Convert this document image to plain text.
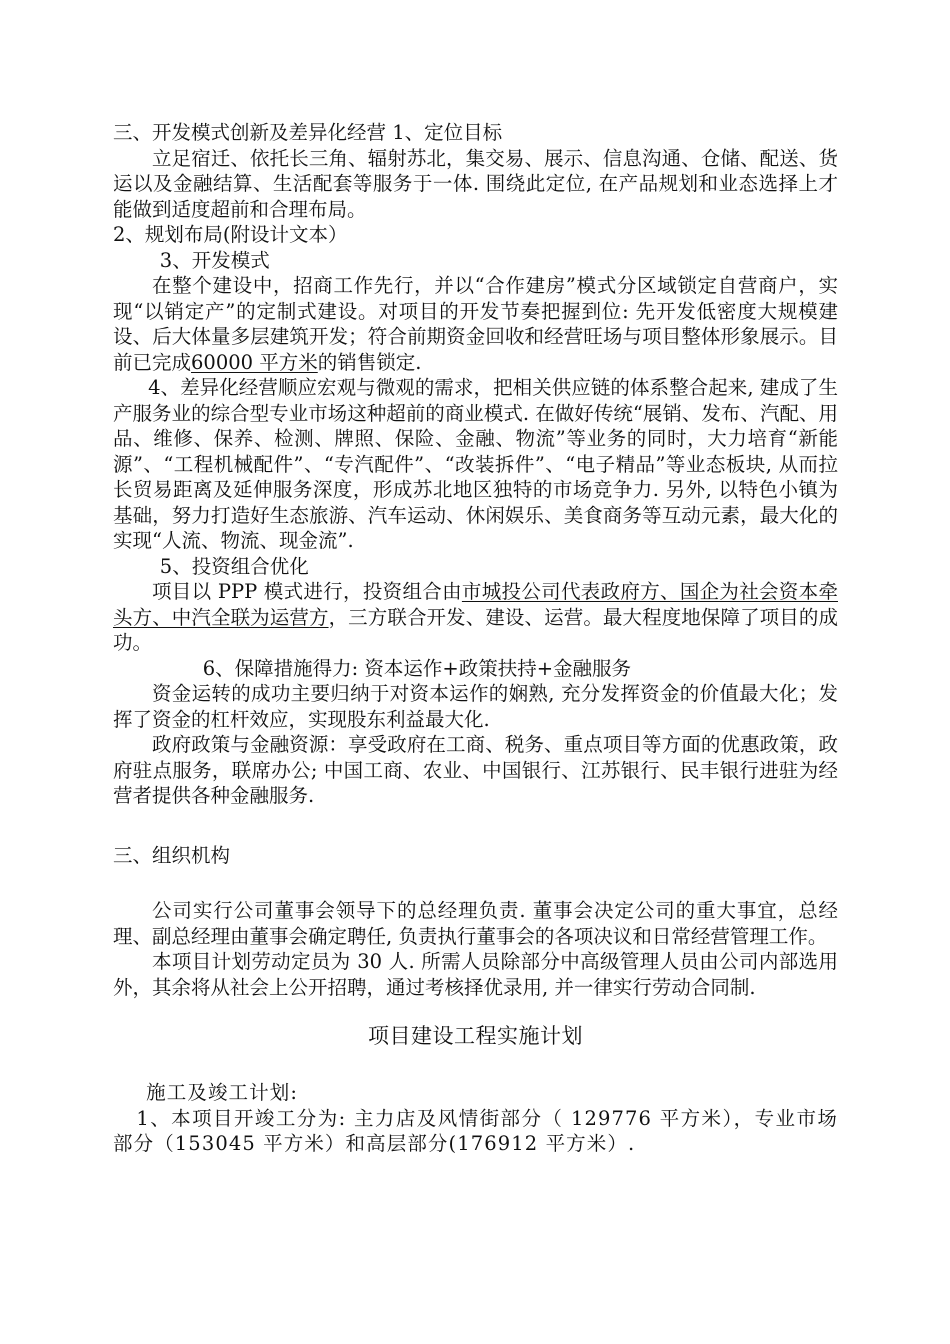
三、开发模式创新及差异化经营 1、定位目标

立足宿迁、依托长三角、辐射苏北，集交易、展示、信息沟通、仓储、配送、货运以及金融结算、生活配套等服务于一体. 围绕此定位, 在产品规划和业态选择上才能做到适度超前和合理布局。

2、规划布局(附设计文本）

3、开发模式

在整个建设中，招商工作先行，并以“合作建房”模式分区域锁定自营商户，实现“以销定产”的定制式建设。对项目的开发节奏把握到位: 先开发低密度大规模建设、后大体量多层建筑开发；符合前期资金回收和经营旺场与项目整体形象展示。目前已完成60000 平方米的销售锁定.

4、差异化经营顺应宏观与微观的需求，把相关供应链的体系整合起来, 建成了生产服务业的综合型专业市场这种超前的商业模式. 在做好传统“展销、发布、汽配、用品、维修、保养、检测、牌照、保险、金融、物流”等业务的同时，大力培育“新能源”、“工程机械配件”、“专汽配件”、“改装拆件”、“电子精品”等业态板块, 从而拉长贸易距离及延伸服务深度，形成苏北地区独特的市场竞争力. 另外, 以特色小镇为基础，努力打造好生态旅游、汽车运动、休闲娱乐、美食商务等互动元素，最大化的实现“人流、物流、现金流”.

5、投资组合优化

项目以 PPP 模式进行，投资组合由市城投公司代表政府方、国企为社会资本牵头方、中汽全联为运营方，三方联合开发、建设、运营。最大程度地保障了项目的成功。

6、保障措施得力: 资本运作+政策扶持+金融服务

资金运转的成功主要归纳于对资本运作的娴熟, 充分发挥资金的价值最大化；发挥了资金的杠杆效应，实现股东利益最大化.

政府政策与金融资源：享受政府在工商、税务、重点项目等方面的优惠政策，政府驻点服务，联席办公; 中国工商、农业、中国银行、江苏银行、民丰银行进驻为经营者提供各种金融服务.

三、组织机构

公司实行公司董事会领导下的总经理负责. 董事会决定公司的重大事宜，总经理、副总经理由董事会确定聘任, 负责执行董事会的各项决议和日常经营管理工作。

本项目计划劳动定员为 30 人. 所需人员除部分中高级管理人员由公司内部选用外，其余将从社会上公开招聘，通过考核择优录用, 并一律实行劳动合同制.

项目建设工程实施计划

施工及竣工计划:

1、本项目开竣工分为: 主力店及风情街部分（ 129776 平方米），专业市场部分（153045 平方米）和高层部分(176912 平方米）.
